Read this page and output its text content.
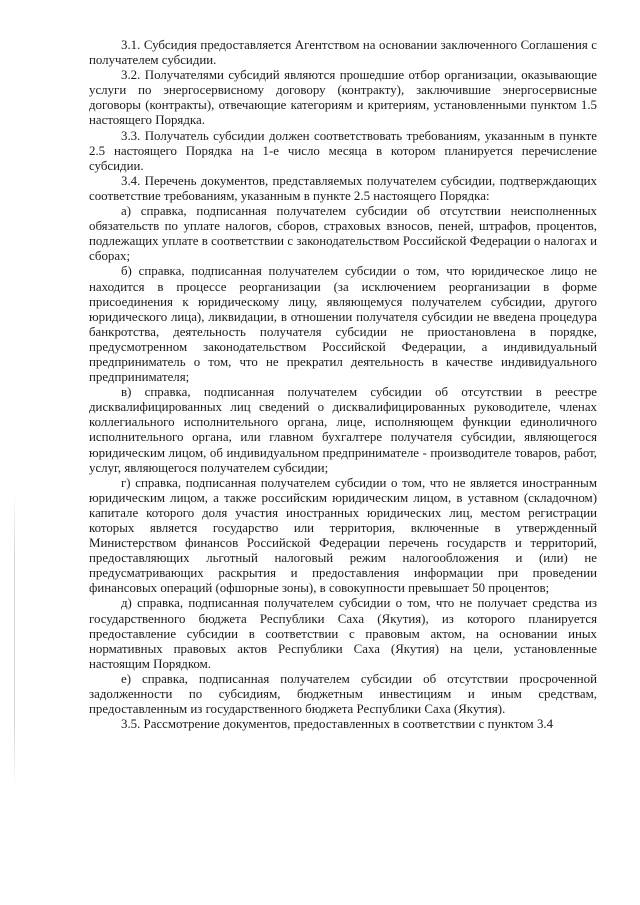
3.1. Субсидия предоставляется Агентством на основании заключенного Соглашения с получателем субсидии.

3.2. Получателями субсидий являются прошедшие отбор организации, оказывающие услуги по энергосервисному договору (контракту), заключившие энергосервисные договоры (контракты), отвечающие категориям и критериям, установленными пунктом 1.5 настоящего Порядка.

3.3. Получатель субсидии должен соответствовать требованиям, указанным в пункте 2.5 настоящего Порядка на 1-е число месяца в котором планируется перечисление субсидии.

3.4. Перечень документов, представляемых получателем субсидии, подтверждающих соответствие требованиям, указанным в пункте 2.5 настоящего Порядка:

а) справка, подписанная получателем субсидии об отсутствии неисполненных обязательств по уплате налогов, сборов, страховых взносов, пеней, штрафов, процентов, подлежащих уплате в соответствии с законодательством Российской Федерации о налогах и сборах;

б) справка, подписанная получателем субсидии о том, что юридическое лицо не находится в процессе реорганизации (за исключением реорганизации в форме присоединения к юридическому лицу, являющемуся получателем субсидии, другого юридического лица), ликвидации, в отношении получателя субсидии не введена процедура банкротства, деятельность получателя субсидии не приостановлена в порядке, предусмотренном законодательством Российской Федерации, а индивидуальный предприниматель о том, что не прекратил деятельность в качестве индивидуального предпринимателя;

в) справка, подписанная получателем субсидии об отсутствии в реестре дисквалифицированных лиц сведений о дисквалифицированных руководителе, членах коллегиального исполнительного органа, лице, исполняющем функции единоличного исполнительного органа, или главном бухгалтере получателя субсидии, являющегося юридическим лицом, об индивидуальном предпринимателе - производителе товаров, работ, услуг, являющегося получателем субсидии;

г) справка, подписанная получателем субсидии о том, что не является иностранным юридическим лицом, а также российским юридическим лицом, в уставном (складочном) капитале которого доля участия иностранных юридических лиц, местом регистрации которых является государство или территория, включенные в утвержденный Министерством финансов Российской Федерации перечень государств и территорий, предоставляющих льготный налоговый режим налогообложения и (или) не предусматривающих раскрытия и предоставления информации при проведении финансовых операций (офшорные зоны), в совокупности превышает 50 процентов;

д) справка, подписанная получателем субсидии о том, что не получает средства из государственного бюджета Республики Саха (Якутия), из которого планируется предоставление субсидии в соответствии с правовым актом, на основании иных нормативных правовых актов Республики Саха (Якутия) на цели, установленные настоящим Порядком.

е) справка, подписанная получателем субсидии об отсутствии просроченной задолженности по субсидиям, бюджетным инвестициям и иным средствам, предоставленным из государственного бюджета Республики Саха (Якутия).

3.5. Рассмотрение документов, предоставленных в соответствии с пунктом 3.4
